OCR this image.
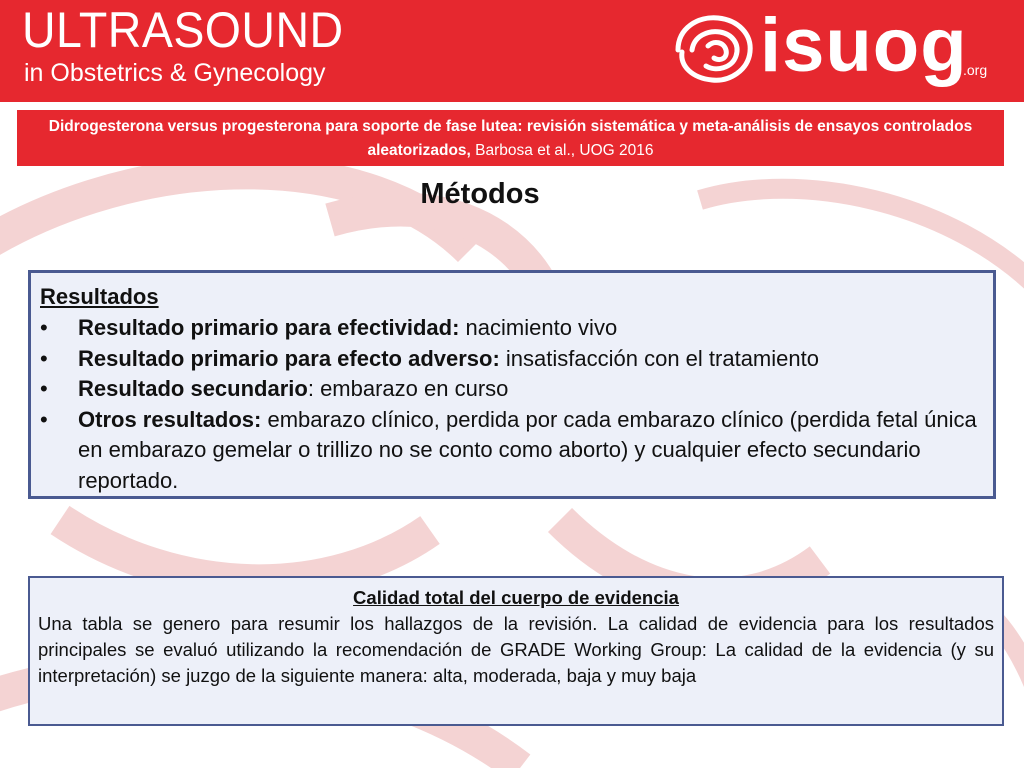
ULTRASOUND
in Obstetrics & Gynecology	isuog
.org
Didrogesterona versus progesterona para soporte de fase lutea: revisión sistemática y meta-análisis de ensayos controlados aleatorizados, Barbosa et al., UOG 2016
Métodos
Resultados
•	Resultado primario para efectividad: nacimiento vivo
•	Resultado primario para efecto adverso: insatisfacción con el tratamiento
•	Resultado secundario: embarazo en curso
•	Otros resultados: embarazo clínico, perdida por cada embarazo clínico (perdida fetal única en embarazo gemelar o trillizo no se conto como aborto) y cualquier efecto secundario reportado.
Calidad total del cuerpo de evidencia

Una tabla se genero para resumir los hallazgos de la revisión. La calidad de evidencia para los resultados principales se evaluó utilizando la recomendación de GRADE Working Group: La calidad de la evidencia (y su interpretación) se juzgo de la siguiente manera: alta, moderada, baja y muy baja
